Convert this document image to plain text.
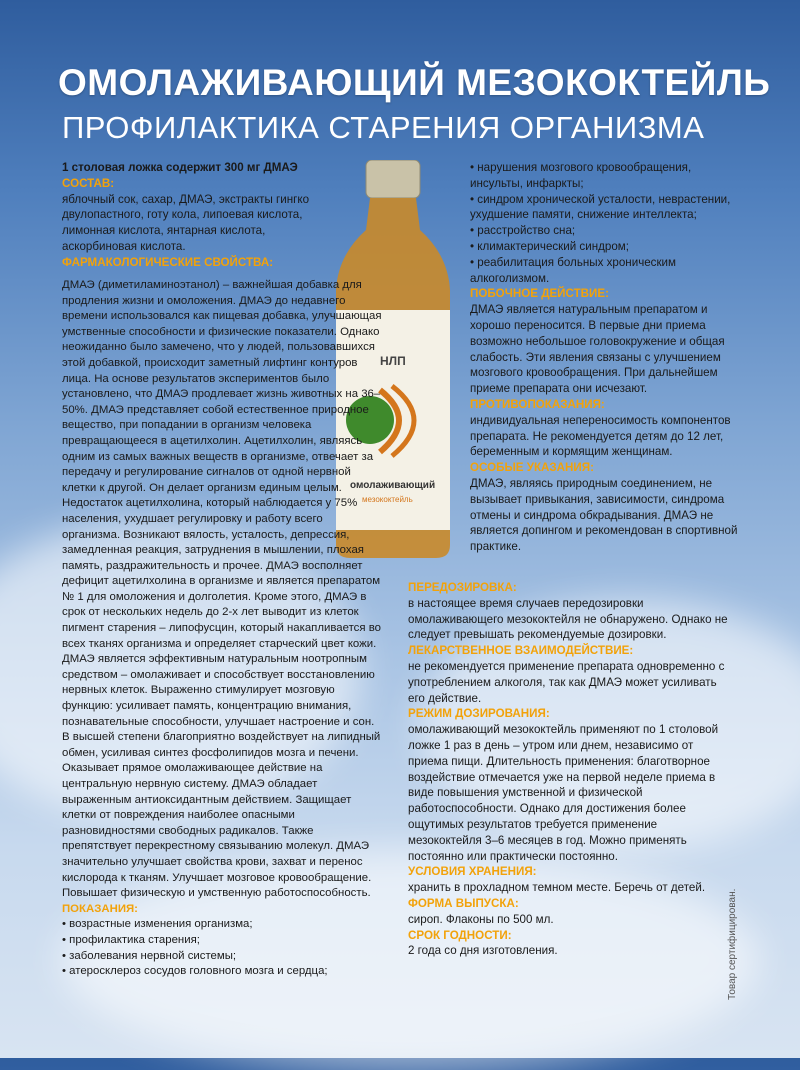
ОМОЛАЖИВАЮЩИЙ МЕЗОКОКТЕЙЛЬ
ПРОФИЛАКТИКА СТАРЕНИЯ ОРГАНИЗМА
омолаживающий
мезококтейль
НЛП

1 столовая ложка содержит 300 мг ДМАЭ

СОСТАВ:

яблочный сок, сахар, ДМАЭ, экстракты гингко двулопастного, готу кола, липоевая кислота, лимонная кислота, янтарная кислота, аскорбиновая кислота.

ФАРМАКОЛОГИЧЕСКИЕ СВОЙСТВА:

ДМАЭ (диметиламиноэтанол) – важнейшая добавка для продления жизни и омоложения. ДМАЭ до недавнего времени использовался как пищевая добавка, улучшающая умственные способности и физические показатели. Однако неожиданно было замечено, что у людей, пользовавшихся этой добавкой, происходит заметный лифтинг контуров лица. На основе результатов экспериментов было установлено, что ДМАЭ продлевает жизнь животных на 36–50%. ДМАЭ представляет собой естественное природное вещество, при попадании в организм человека превращающееся в ацетилхолин. Ацетилхолин, являясь одним из самых важных веществ в организме, отвечает за передачу и регулирование сигналов от одной нервной клетки к другой. Он делает организм единым целым. Недостаток ацетилхолина, который наблюдается у 75% населения, ухудшает регулировку и работу всего организма. Возникают вялость, усталость, депрессия, замедленная реакция, затруднения в мышлении, плохая память, раздражительность и прочее. ДМАЭ восполняет дефицит ацетилхолина в организме и является препаратом № 1 для омоложения и долголетия. Кроме этого, ДМАЭ в срок от нескольких недель до 2-х лет выводит из клеток пигмент старения – липофусцин, который накапливается во всех тканях организма и определяет старческий цвет кожи. ДМАЭ является эффективным натуральным ноотропным средством – омолаживает и способствует восстановлению нервных клеток. Выраженно стимулирует мозговую функцию: усиливает память, концентрацию внимания, познавательные способности, улучшает настроение и сон. В высшей степени благоприятно воздействует на липидный обмен, усиливая синтез фосфолипидов мозга и печени. Оказывает прямое омолаживающее действие на центральную нервную систему. ДМАЭ обладает выраженным антиоксидантным действием. Защищает клетки от повреждения наиболее опасными разновидностями свободных радикалов. Также препятствует перекрестному связыванию молекул. ДМАЭ значительно улучшает свойства крови, захват и перенос кислорода к тканям. Улучшает мозговое кровообращение. Повышает физическую и умственную работоспособность.

ПОКАЗАНИЯ:

• возрастные изменения организма;
• профилактика старения;
• заболевания нервной системы;
• атеросклероз сосудов головного мозга и сердца;
• нарушения мозгового кровообращения, инсульты, инфаркты;
• синдром хронической усталости, неврастении, ухудшение памяти, снижение интеллекта;
• расстройство сна;
• климактерический синдром;
• реабилитация больных хроническим алкоголизмом.

ПОБОЧНОЕ ДЕЙСТВИЕ:

ДМАЭ является натуральным препаратом и хорошо переносится. В первые дни приема возможно небольшое головокружение и общая слабость. Эти явления связаны с улучшением мозгового кровообращения. При дальнейшем приеме препарата они исчезают.

ПРОТИВОПОКАЗАНИЯ:

индивидуальная непереносимость компонентов препарата. Не рекомендуется детям до 12 лет, беременным и кормящим женщинам.

ОСОБЫЕ УКАЗАНИЯ:

ДМАЭ, являясь природным соединением, не вызывает привыкания, зависимости, синдрома отмены и синдрома обкрадывания. ДМАЭ не является допингом и рекомендован в спортивной практике.

ПЕРЕДОЗИРОВКА:

в настоящее время случаев передозировки омолаживающего мезококтейля не обнаружено. Однако не следует превышать рекомендуемые дозировки.

ЛЕКАРСТВЕННОЕ ВЗАИМОДЕЙСТВИЕ:

не рекомендуется применение препарата одновременно с употреблением алкоголя, так как ДМАЭ может усиливать его действие.

РЕЖИМ ДОЗИРОВАНИЯ:

омолаживающий мезококтейль применяют по 1 столовой ложке 1 раз в день – утром или днем, независимо от приема пищи. Длительность применения: благотворное воздействие отмечается уже на первой неделе приема в виде повышения умственной и физической работоспособности. Однако для достижения более ощутимых результатов требуется применение мезококтейля 3–6 месяцев в год. Можно применять постоянно или практически постоянно.

УСЛОВИЯ ХРАНЕНИЯ:

хранить в прохладном темном месте. Беречь от детей.

ФОРМА ВЫПУСКА:

сироп. Флаконы по 500 мл.

СРОК ГОДНОСТИ:

2 года со дня изготовления.	Товар сертифицирован.
